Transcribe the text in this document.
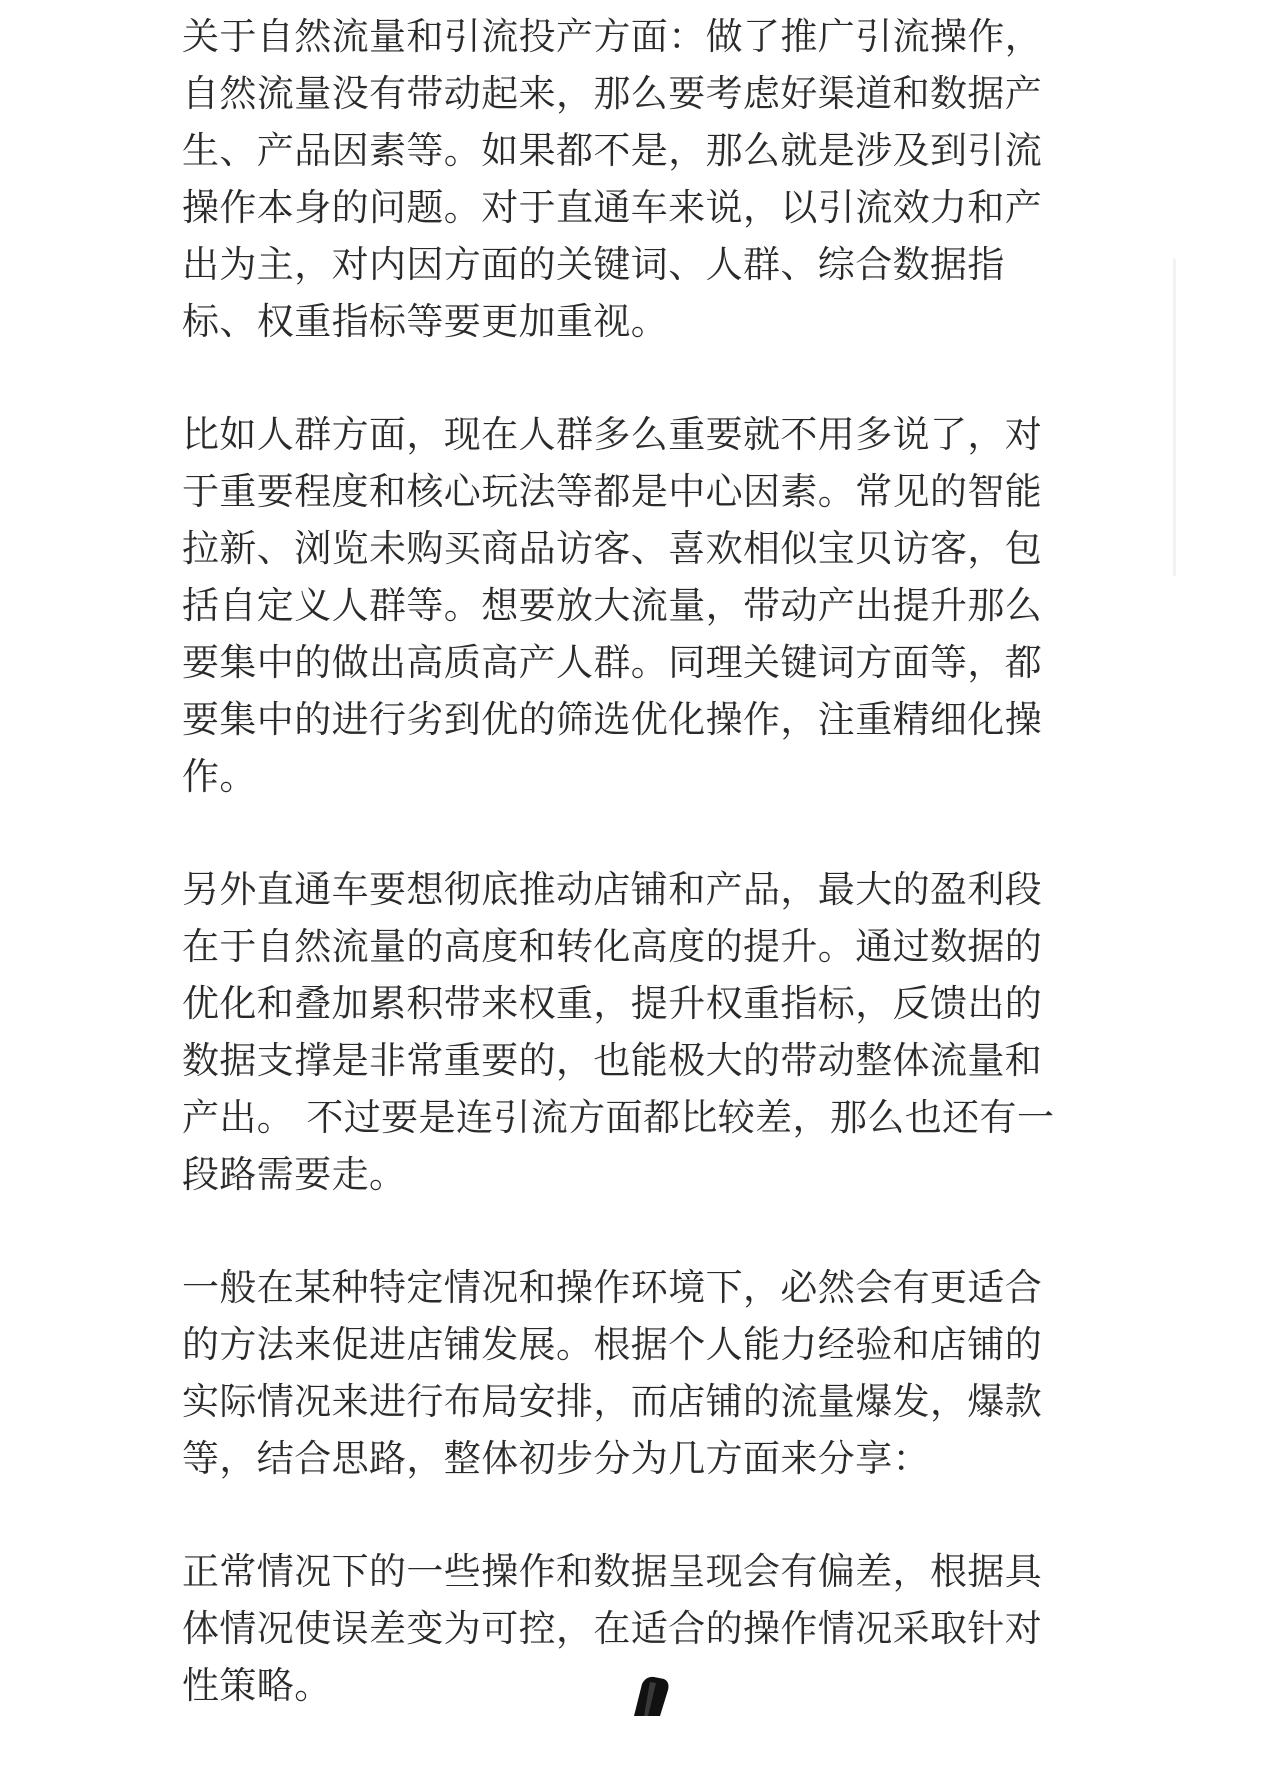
关于自然流量和引流投产方面：做了推广引流操作，
自然流量没有带动起来，那么要考虑好渠道和数据产
生、产品因素等。如果都不是，那么就是涉及到引流
操作本身的问题。对于直通车来说，以引流效力和产
出为主，对内因方面的关键词、人群、综合数据指
标、权重指标等要更加重视。

比如人群方面，现在人群多么重要就不用多说了，对
于重要程度和核心玩法等都是中心因素。常见的智能
拉新、浏览未购买商品访客、喜欢相似宝贝访客，包
括自定义人群等。想要放大流量，带动产出提升那么
要集中的做出高质高产人群。同理关键词方面等，都
要集中的进行劣到优的筛选优化操作，注重精细化操
作。

另外直通车要想彻底推动店铺和产品，最大的盈利段
在于自然流量的高度和转化高度的提升。通过数据的
优化和叠加累积带来权重，提升权重指标，反馈出的
数据支撑是非常重要的，也能极大的带动整体流量和
产出。 不过要是连引流方面都比较差，那么也还有一
段路需要走。

一般在某种特定情况和操作环境下，必然会有更适合
的方法来促进店铺发展。根据个人能力经验和店铺的
实际情况来进行布局安排，而店铺的流量爆发，爆款
等，结合思路，整体初步分为几方面来分享：

正常情况下的一些操作和数据呈现会有偏差，根据具
体情况使误差变为可控，在适合的操作情况采取针对
性策略。
